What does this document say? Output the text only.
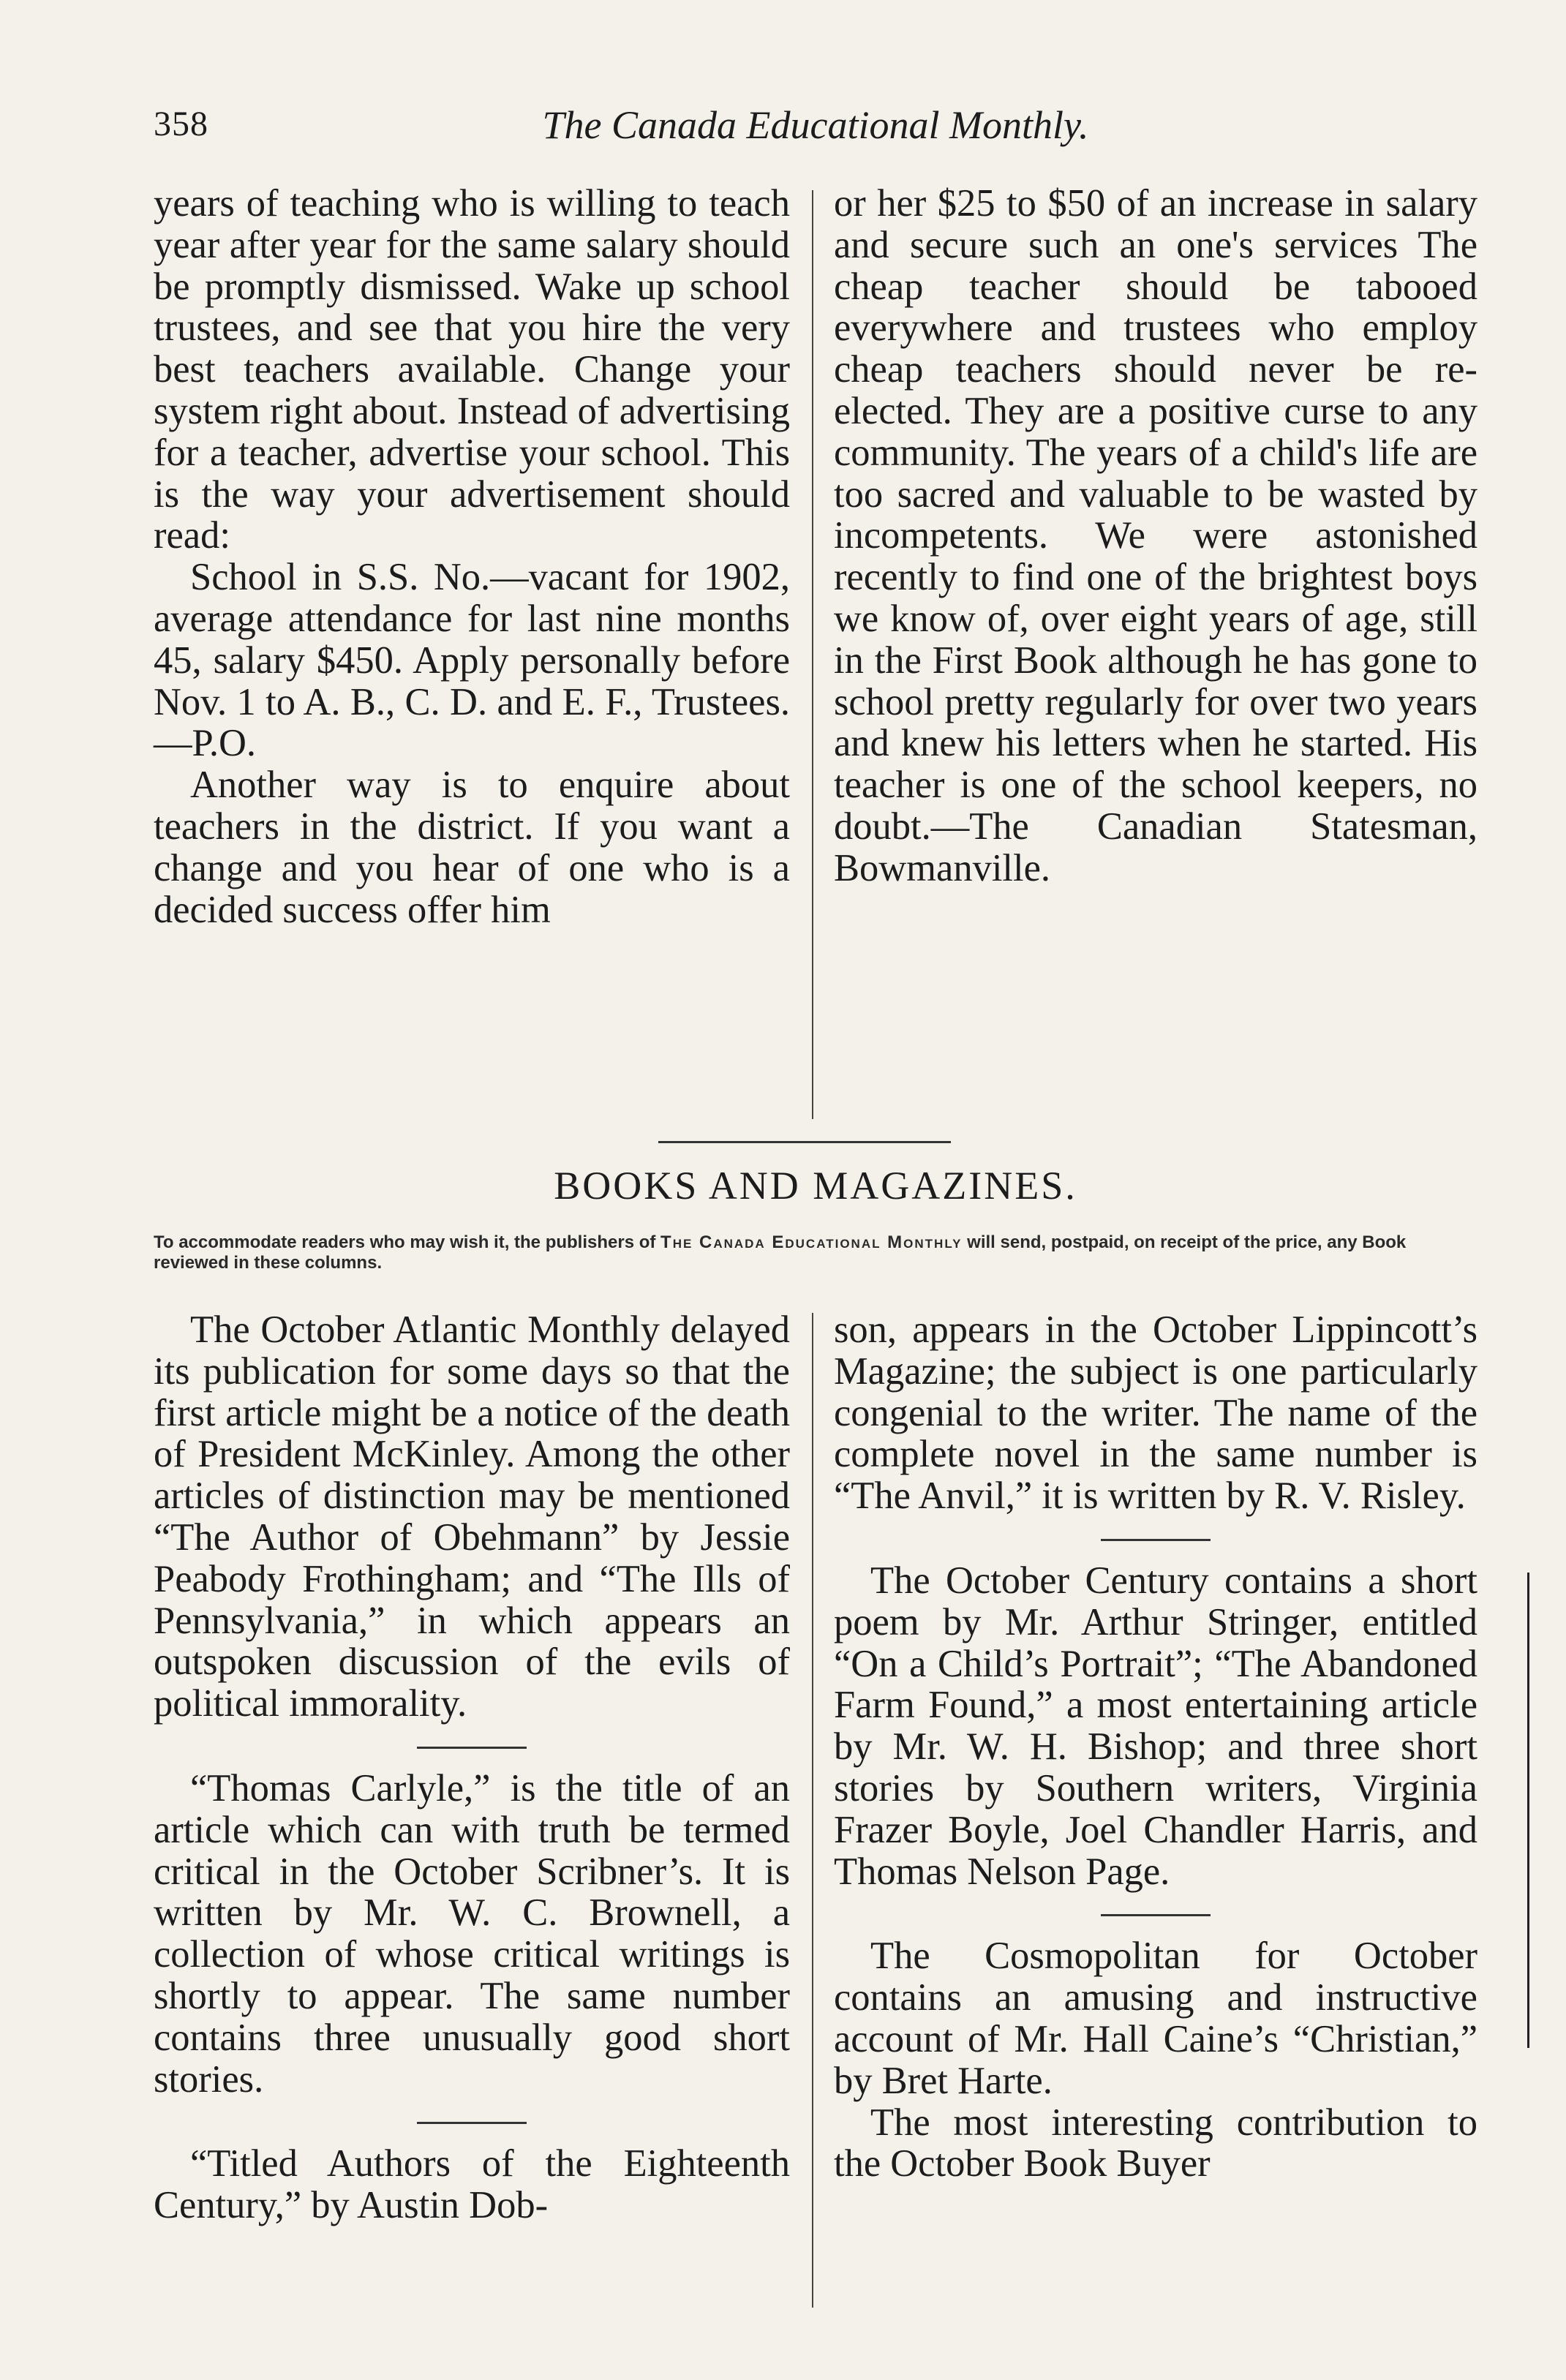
358	The Canada Educational Monthly.

years of teaching who is willing to teach year after year for the same salary should be promptly dismissed. Wake up school trustees, and see that you hire the very best teachers available. Change your system right about. Instead of advertising for a teacher, advertise your school. This is the way your advertisement should read:

School in S.S. No.—vacant for 1902, average attendance for last nine months 45, salary $450. Apply personally before Nov. 1 to A. B., C. D. and E. F., Trustees.—P.O.

Another way is to enquire about teachers in the district. If you want a change and you hear of one who is a decided success offer him

or her $25 to $50 of an increase in salary and secure such an one's services The cheap teacher should be tabooed everywhere and trustees who employ cheap teachers should never be re-elected. They are a positive curse to any community. The years of a child's life are too sacred and valuable to be wasted by incompetents. We were astonished recently to find one of the brightest boys we know of, over eight years of age, still in the First Book although he has gone to school pretty regularly for over two years and knew his letters when he started. His teacher is one of the school keepers, no doubt.—The Canadian Statesman, Bowmanville.

BOOKS AND MAGAZINES.

To accommodate readers who may wish it, the publishers of The Canada Educational Monthly will send, postpaid, on receipt of the price, any Book reviewed in these columns.

The October Atlantic Monthly delayed its publication for some days so that the first article might be a notice of the death of President McKinley. Among the other articles of distinction may be mentioned “The Author of Obehmann” by Jessie Peabody Frothingham; and “The Ills of Pennsylvania,” in which appears an outspoken discussion of the evils of political immorality.

“Thomas Carlyle,” is the title of an article which can with truth be termed critical in the October Scribner’s. It is written by Mr. W. C. Brownell, a collection of whose critical writings is shortly to appear. The same number contains three unusually good short stories.

“Titled Authors of the Eighteenth Century,” by Austin Dob-

son, appears in the October Lippincott’s Magazine; the subject is one particularly congenial to the writer. The name of the complete novel in the same number is “The Anvil,” it is written by R. V. Risley.

The October Century contains a short poem by Mr. Arthur Stringer, entitled “On a Child’s Portrait”; “The Abandoned Farm Found,” a most entertaining article by Mr. W. H. Bishop; and three short stories by Southern writers, Virginia Frazer Boyle, Joel Chandler Harris, and Thomas Nelson Page.

The Cosmopolitan for October contains an amusing and instructive account of Mr. Hall Caine’s “Christian,” by Bret Harte.

The most interesting contribution to the October Book Buyer
